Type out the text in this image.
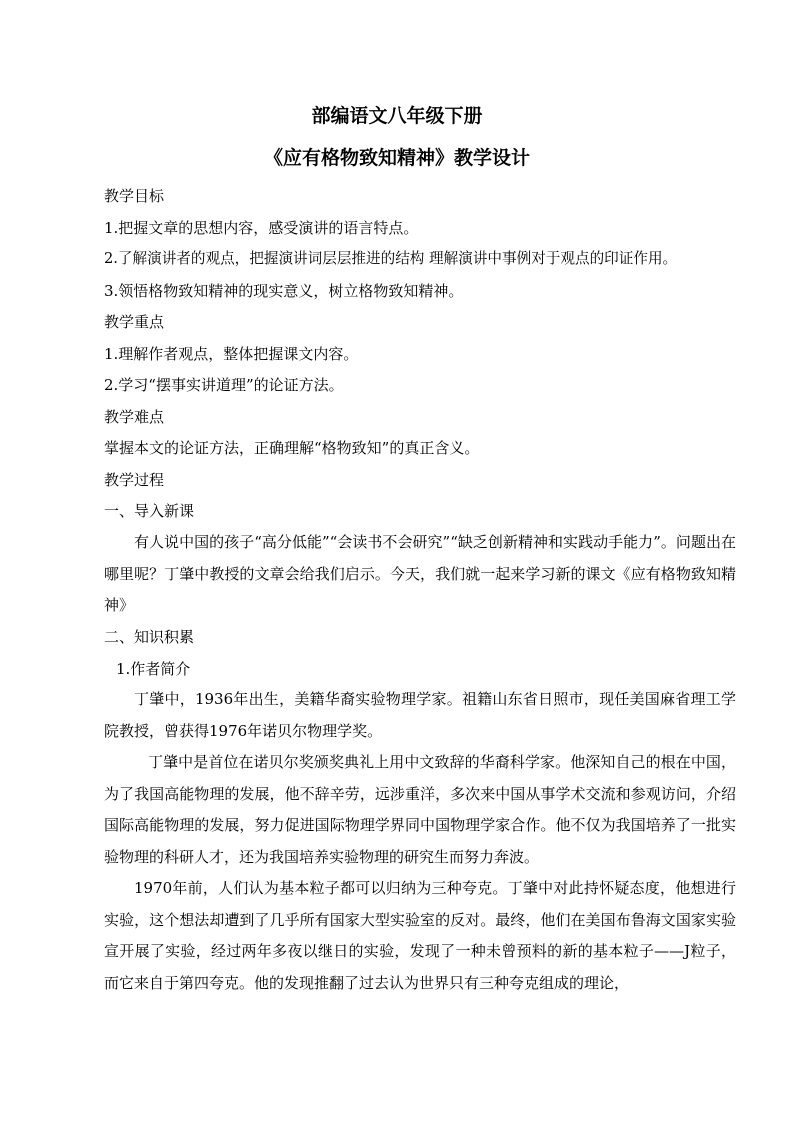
部编语文八年级下册
《应有格物致知精神》教学设计

教学目标

1.把握文章的思想内容，感受演讲的语言特点。

2.了解演讲者的观点，把握演讲词层层推进的结构 理解演讲中事例对于观点的印证作用。

3.领悟格物致知精神的现实意义，树立格物致知精神。

教学重点

1.理解作者观点，整体把握课文内容。

2.学习“摆事实讲道理”的论证方法。

教学难点

掌握本文的论证方法，正确理解“格物致知”的真正含义。

教学过程

一、导入新课

有人说中国的孩子“高分低能”“会读书不会研究”“缺乏创新精神和实践动手能力”。问题出在哪里呢？丁肇中教授的文章会给我们启示。今天，我们就一起来学习新的课文《应有格物致知精神》

二、知识积累

1.作者简介

丁肇中，1936年出生，美籍华裔实验物理学家。祖籍山东省日照市，现任美国麻省理工学院教授，曾获得1976年诺贝尔物理学奖。

丁肇中是首位在诺贝尔奖颁奖典礼上用中文致辞的华裔科学家。他深知自己的根在中国，为了我国高能物理的发展，他不辞辛劳，远涉重洋，多次来中国从事学术交流和参观访问，介绍国际高能物理的发展，努力促进国际物理学界同中国物理学家合作。他不仅为我国培养了一批实验物理的科研人才，还为我国培养实验物理的研究生而努力奔波。

1970年前，人们认为基本粒子都可以归纳为三种夸克。丁肇中对此持怀疑态度，他想进行实验，这个想法却遭到了几乎所有国家大型实验室的反对。最终，他们在美国布鲁海文国家实验宣开展了实验，经过两年多夜以继日的实验，发现了一种未曾预料的新的基本粒子——J粒子，而它来自于第四夸克。他的发现推翻了过去认为世界只有三种夸克组成的理论，
